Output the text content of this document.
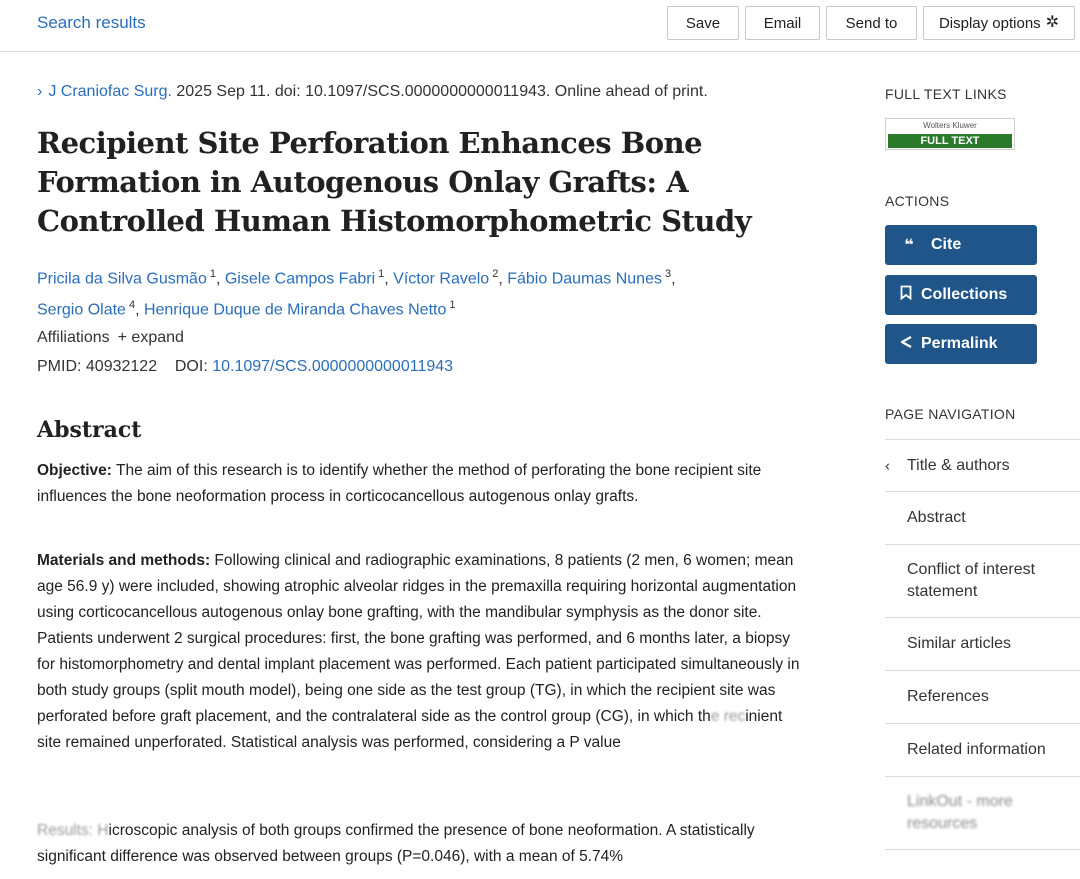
Search results	Save	Email	Send to	Display options ✲
› J Craniofac Surg. 2025 Sep 11. doi: 10.1097/SCS.0000000000011943. Online ahead of print.
Recipient Site Perforation Enhances Bone Formation in Autogenous Onlay Grafts: A Controlled Human Histomorphometric Study
Pricila da Silva Gusmão $^1$, Gisele Campos Fabri $^1$, Víctor Ravelo $^2$, Fábio Daumas Nunes $^3$,
Sergio Olate $^4$, Henrique Duque de Miranda Chaves Netto $^1$
Affiliations + expand
PMID: 40932122 DOI: 10.1097/SCS.0000000000011943
Abstract

Objective: The aim of this research is to identify whether the method of perforating the bone recipient site influences the bone neoformation process in corticocancellous autogenous onlay grafts.

Materials and methods: Following clinical and radiographic examinations, 8 patients (2 men, 6 women; mean age 56.9 y) were included, showing atrophic alveolar ridges in the premaxilla requiring horizontal augmentation using corticocancellous autogenous onlay bone grafting, with the mandibular symphysis as the donor site. Patients underwent 2 surgical procedures: first, the bone grafting was performed, and 6 months later, a biopsy for histomorphometry and dental implant placement was performed. Each patient participated simultaneously in both study groups (split mouth model), being one side as the test group (TG), in which the recipient site was perforated before graft placement, and the contralateral side as the control group (CG), in which the recinient site remained unperforated. Statistical analysis was performed, considering a P value

Results: Hicroscopic analysis of both groups confirmed the presence of bone neoformation. A statistically significant difference was observed between groups (P=0.046), with a mean of 5.74%

FULL TEXT LINKS
Wolters Kluwer
FULL TEXT
ACTIONS
❝	Cite
Collections
Permalink
PAGE NAVIGATION
‹ Title & authors
Abstract
Conflict of interest statement
Similar articles
References
Related information
LinkOut - more resources
